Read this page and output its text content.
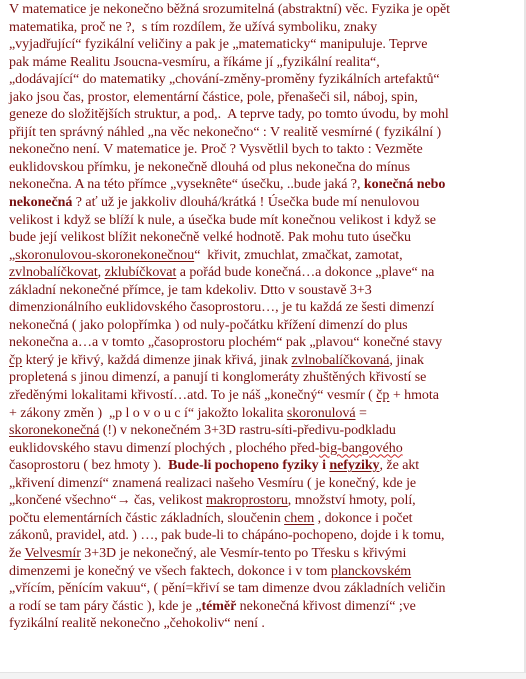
V matematice je nekonečno běžná srozumitelná (abstraktní) věc. Fyzika je opět
matematika, proč ne ?,  s tím rozdílem, že užívá symboliku, znaky
„vyjadřující“ fyzikální veličiny a pak je „matematicky“ manipuluje. Teprve
pak máme Realitu Jsoucna-vesmíru, a říkáme jí „fyzikální realita“,
„dodávající“ do matematiky „chování-změny-proměny fyzikálních artefaktů“
jako jsou čas, prostor, elementární částice, pole, přenašeči sil, náboj, spin,
geneze do složitějších struktur, a pod,.  A teprve tady, po tomto úvodu, by mohl
přijít ten správný náhled „na věc nekonečno“ : V realitě vesmírné ( fyzikální )
nekonečno není. V matematice je. Proč ? Vysvětlil bych to takto : Vezměte
euklidovskou přímku, je nekonečně dlouhá od plus nekonečna do mínus
nekonečna. A na této přímce „vyseknête“ úsečku, ..bude jaká ?, konečná nebo
nekonečná ? ať už je jakkoliv dlouhá/krátká ! Úsečka bude mí nenulovou
velikost i když se blíží k nule, a úsečka bude mít konečnou velikost i když se
bude její velikost blížit nekonečně velké hodnotě. Pak mohu tuto úsečku
„skoronulovou-skoronekonečnou“  křivit, zmuchlat, zmačkat, zamotat,
zvlnobalíčkovat, zklubíčkovat a pořád bude konečná…a dokonce „plave“ na
základní nekonečné přímce, je tam kdekoliv. Dtto v soustavě 3+3
dimenzionálního euklidovského časoprostoru…, je tu každá ze šesti dimenzí
nekonečná ( jako polopřímka ) od nuly-počátku křížení dimenzí do plus
nekonečna a…a v tomto „časoprostoru plochém“ pak „plavou“ konečné stavy
čp který je křivý, každá dimenze jinak křivá, jinak zvlnobalíčkovaná, jinak
propletená s jinou dimenzí, a panují ti konglomeráty zhuštěných křivostí se
zředěnými lokalitami křivostí…atd. To je náš „konečný“ vesmír ( čp + hmota
+ zákony změn )  „p l o v o u c í“ jakožto lokalita skoronulová =
skoronekonečná (!) v nekonečném 3+3D rastru-síti-předivu-podkladu
euklidovského stavu dimenzí plochých , plochého před-big-bangového
časoprostoru ( bez hmoty ).  Bude-li pochopeno fyziky i nefyziky, že akt
„křivení dimenzí“ znamená realizaci našeho Vesmíru ( je konečný, kde je
„končené všechno“→ čas, velikost makroprostoru, množství hmoty, polí,
počtu elementárních částic základních, sloučenin chem , dokonce i počet
zákonů, pravidel, atd. ) …, pak bude-li to chápáno-pochopeno, dojde i k tomu,
že Velvesmír 3+3D je nekonečný, ale Vesmír-tento po Třesku s křivými
dimenzemi je konečný ve všech faktech, dokonce i v tom planckovském
„vřícím, pěnícím vakuu“, ( pění=křiví se tam dimenze dvou základních veličin
a rodí se tam páry částic ), kde je „téměř nekonečná křivost dimenzí“ ;ve
fyzikální realitě nekonečno „čehokoliv“ není .
